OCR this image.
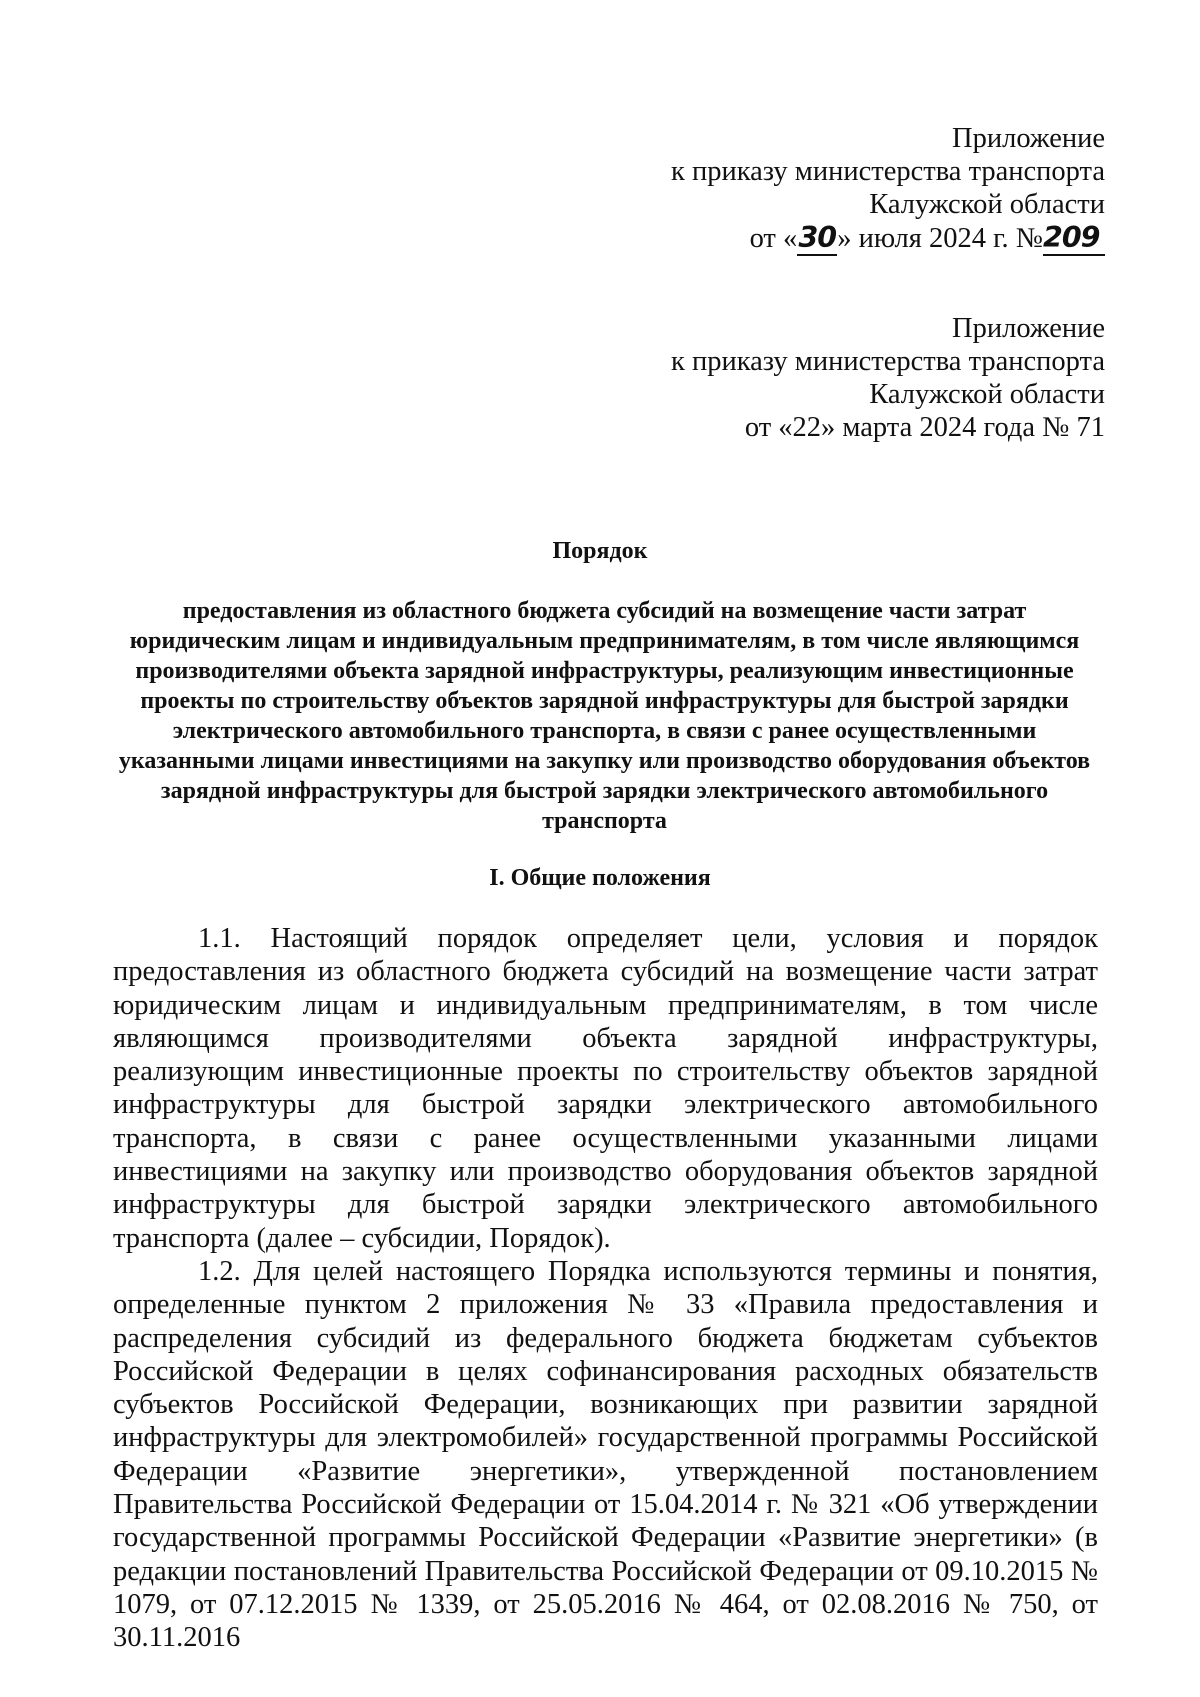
Приложение

к приказу министерства транспорта

Калужской области

от «30» июля 2024 г. №209

Приложение

к приказу министерства транспорта

Калужской области

от «22» марта 2024 года № 71

Порядок

предоставления из областного бюджета субсидий на возмещение части затрат юридическим лицам и индивидуальным предпринимателям, в том числе являющимся производителями объекта зарядной инфраструктуры, реализующим инвестиционные проекты по строительству объектов зарядной инфраструктуры для быстрой зарядки электрического автомобильного транспорта, в связи с ранее осуществленными указанными лицами инвестициями на закупку или производство оборудования объектов зарядной инфраструктуры для быстрой зарядки электрического автомобильного транспорта

I. Общие положения

1.1. Настоящий порядок определяет цели, условия и порядок предоставления из областного бюджета субсидий на возмещение части затрат юридическим лицам и индивидуальным предпринимателям, в том числе являющимся производителями объекта зарядной инфраструктуры, реализующим инвестиционные проекты по строительству объектов зарядной инфраструктуры для быстрой зарядки электрического автомобильного транспорта, в связи с ранее осуществленными указанными лицами инвестициями на закупку или производство оборудования объектов зарядной инфраструктуры для быстрой зарядки электрического автомобильного транспорта (далее – субсидии, Порядок).

1.2. Для целей настоящего Порядка используются термины и понятия, определенные пунктом 2 приложения № 33 «Правила предоставления и распределения субсидий из федерального бюджета бюджетам субъектов Российской Федерации в целях софинансирования расходных обязательств субъектов Российской Федерации, возникающих при развитии зарядной инфраструктуры для электромобилей» государственной программы Российской Федерации «Развитие энергетики», утвержденной постановлением Правительства Российской Федерации от 15.04.2014 г. № 321 «Об утверждении государственной программы Российской Федерации «Развитие энергетики» (в редакции постановлений Правительства Российской Федерации от 09.10.2015 № 1079, от 07.12.2015 № 1339, от 25.05.2016 № 464, от 02.08.2016 № 750, от 30.11.2016
